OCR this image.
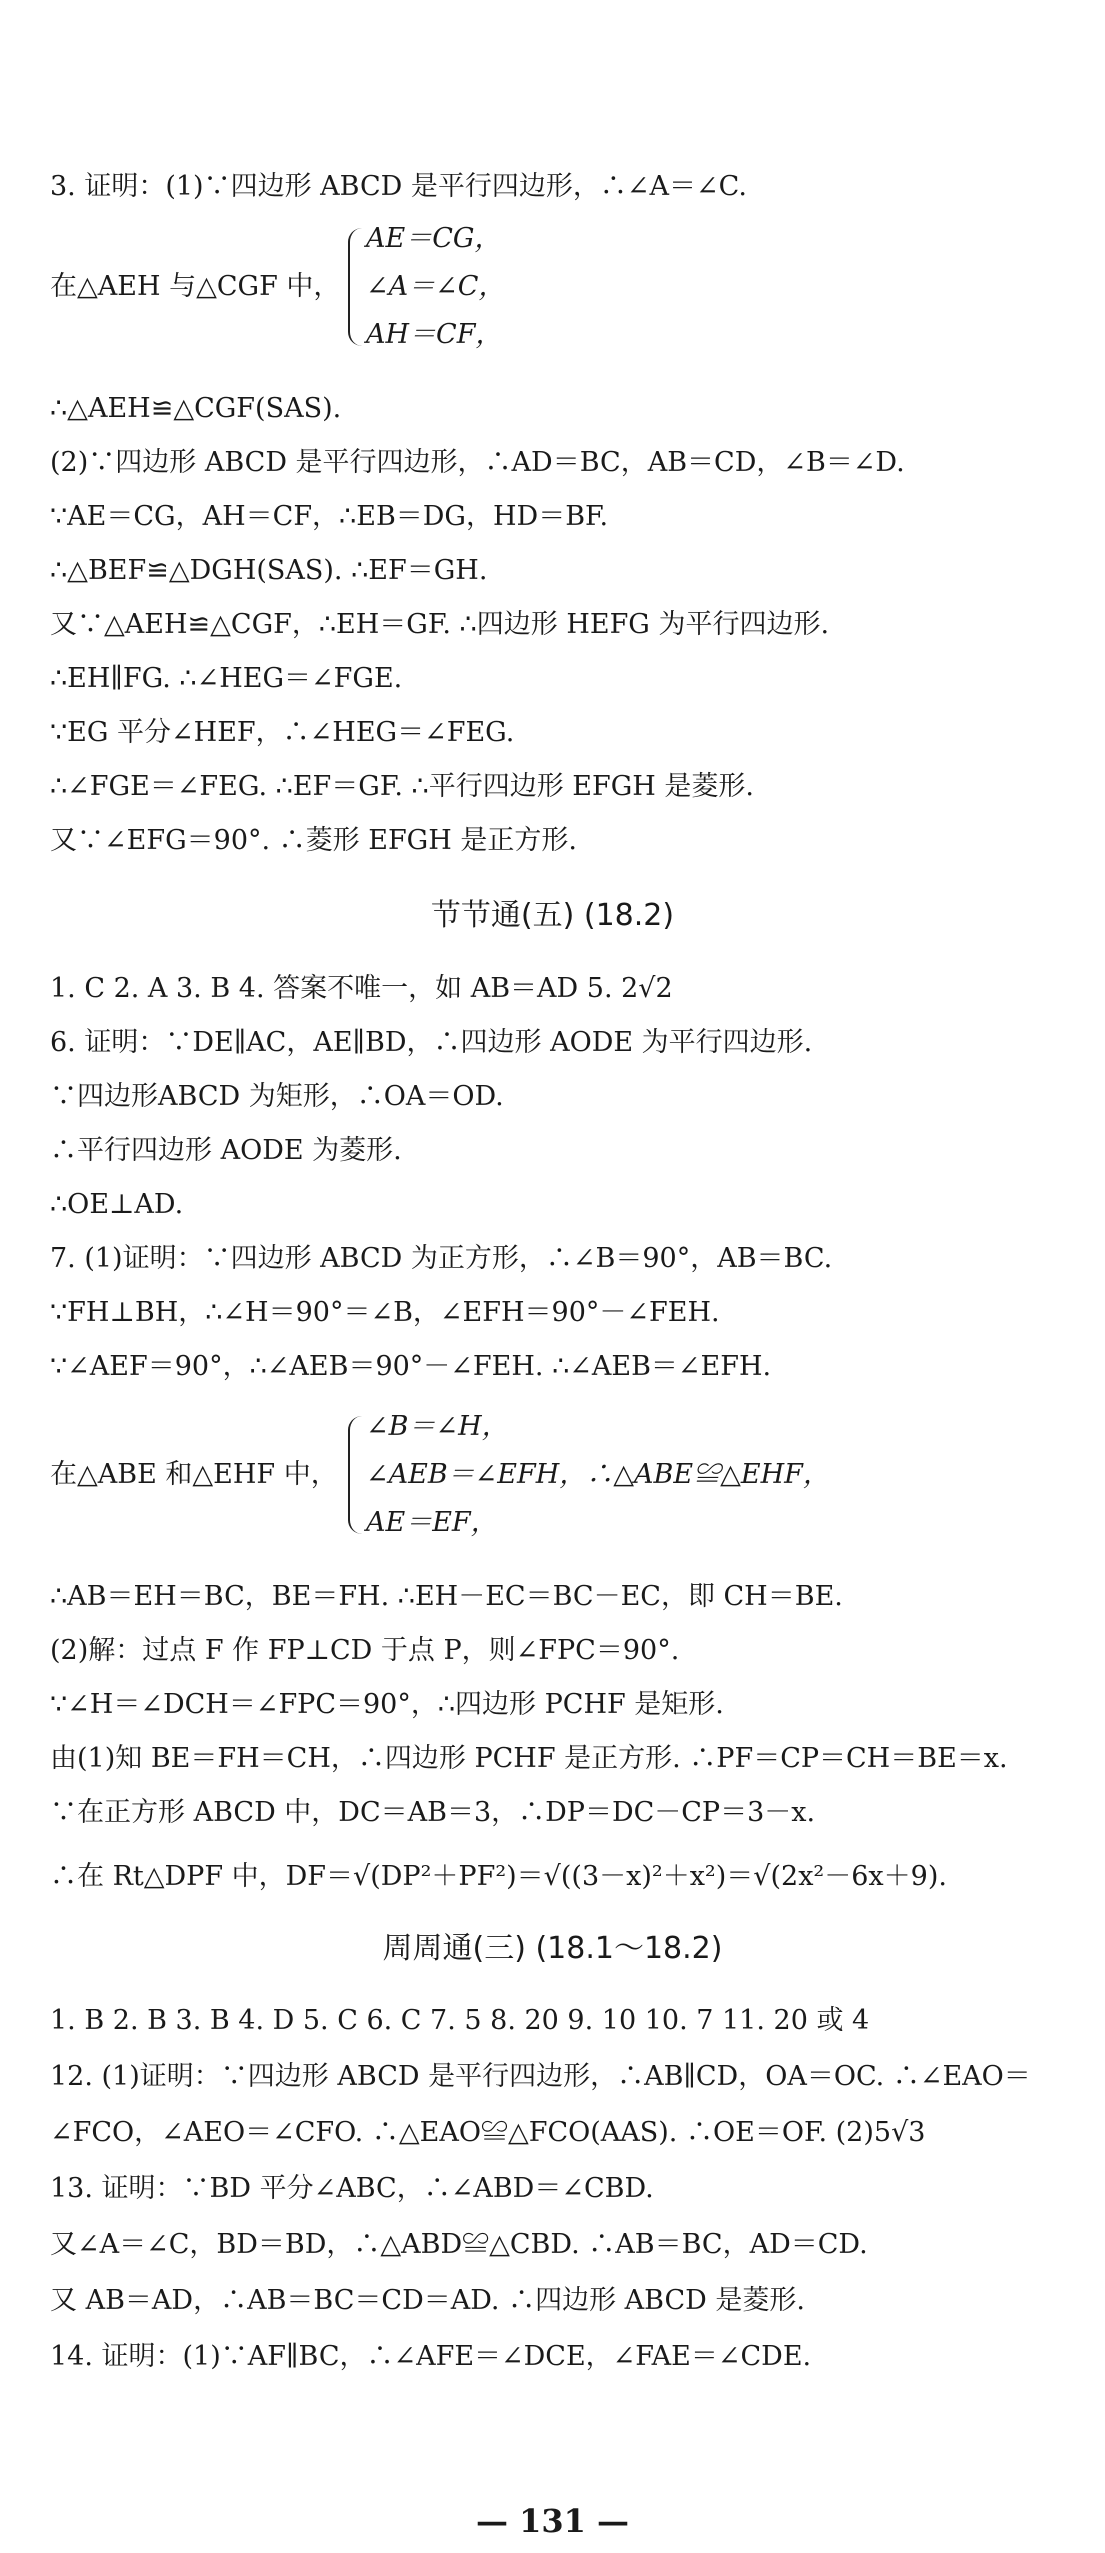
3. 证明：(1)∵四边形 ABCD 是平行四边形，∴∠A＝∠C.
在△AEH 与△CGF 中，
AE＝CG，
∠A＝∠C，
AH＝CF，
∴△AEH≌△CGF(SAS).
(2)∵四边形 ABCD 是平行四边形，∴AD＝BC，AB＝CD，∠B＝∠D.
∵AE＝CG，AH＝CF，∴EB＝DG，HD＝BF.
∴△BEF≌△DGH(SAS). ∴EF＝GH.
又∵△AEH≌△CGF，∴EH＝GF. ∴四边形 HEFG 为平行四边形.
∴EH∥FG. ∴∠HEG＝∠FGE.
∵EG 平分∠HEF，∴∠HEG＝∠FEG.
∴∠FGE＝∠FEG. ∴EF＝GF. ∴平行四边形 EFGH 是菱形.
又∵∠EFG＝90°. ∴菱形 EFGH 是正方形.
节节通(五) (18.2)
1. C 2. A 3. B 4. 答案不唯一，如 AB＝AD 5. 2√2
6. 证明：∵DE∥AC，AE∥BD，∴四边形 AODE 为平行四边形.
∵四边形ABCD 为矩形，∴OA＝OD.
∴平行四边形 AODE 为菱形.
∴OE⊥AD.
7. (1)证明：∵四边形 ABCD 为正方形，∴∠B＝90°，AB＝BC.
∵FH⊥BH，∴∠H＝90°＝∠B，∠EFH＝90°－∠FEH.
∵∠AEF＝90°，∴∠AEB＝90°－∠FEH. ∴∠AEB＝∠EFH.
在△ABE 和△EHF 中，
∠B＝∠H，
∠AEB＝∠EFH，∴△ABE≌△EHF，
AE＝EF，
∴AB＝EH＝BC，BE＝FH. ∴EH－EC＝BC－EC，即 CH＝BE.
(2)解：过点 F 作 FP⊥CD 于点 P，则∠FPC＝90°.
∵∠H＝∠DCH＝∠FPC＝90°，∴四边形 PCHF 是矩形.
由(1)知 BE＝FH＝CH，∴四边形 PCHF 是正方形. ∴PF＝CP＝CH＝BE＝x.
∵在正方形 ABCD 中，DC＝AB＝3，∴DP＝DC－CP＝3－x.
∴在 Rt△DPF 中，DF＝√(DP²＋PF²)＝√((3－x)²＋x²)＝√(2x²－6x＋9).
周周通(三) (18.1～18.2)
1. B 2. B 3. B 4. D 5. C 6. C 7. 5 8. 20 9. 10 10. 7 11. 20 或 4
12. (1)证明：∵四边形 ABCD 是平行四边形，∴AB∥CD，OA＝OC. ∴∠EAO＝
∠FCO，∠AEO＝∠CFO. ∴△EAO≌△FCO(AAS). ∴OE＝OF. (2)5√3
13. 证明：∵BD 平分∠ABC，∴∠ABD＝∠CBD.
又∠A＝∠C，BD＝BD，∴△ABD≌△CBD. ∴AB＝BC，AD＝CD.
又 AB＝AD，∴AB＝BC＝CD＝AD. ∴四边形 ABCD 是菱形.
14. 证明：(1)∵AF∥BC，∴∠AFE＝∠DCE，∠FAE＝∠CDE.
— 131 —
